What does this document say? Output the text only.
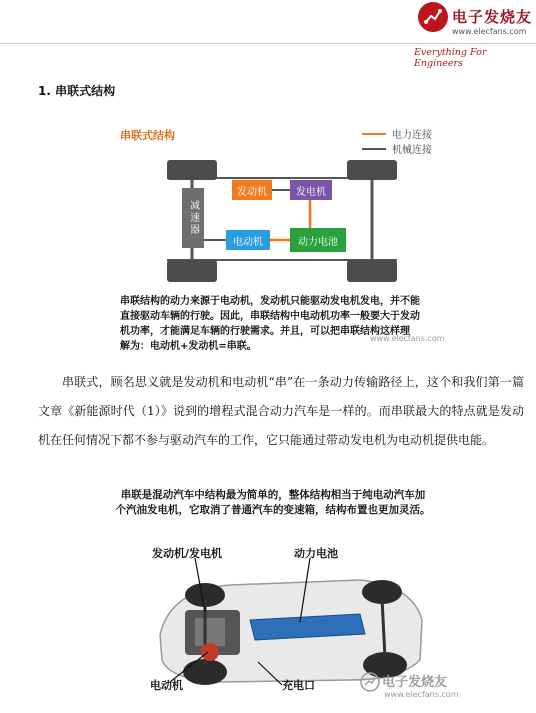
电子发烧友
www.elecfans.com
Everything For Engineers
1. 串联式结构
串联式结构	电力连接
机械连接
减速器
发动机	发电机
电动机	动力电池
串联结构的动力来源于电动机，发动机只能驱动发电机发电，并不能
直接驱动车辆的行驶。因此，串联结构中电动机功率一般要大于发动
机功率，才能满足车辆的行驶需求。并且，可以把串联结构这样理
解为：电动机+发动机=串联。
www.elecfans.com
串联式，顾名思义就是发动机和电动机“串”在一条动力传输路径上，这个和我们第一篇文章《新能源时代（1）》说到的增程式混合动力汽车是一样的。而串联最大的特点就是发动机在任何情况下都不参与驱动汽车的工作，它只能通过带动发电机为电动机提供电能。
串联是混动汽车中结构最为简单的，整体结构相当于纯电动汽车加
个汽油发电机，它取消了普通汽车的变速箱，结构布置也更加灵活。
发动机/发电机	动力电池
电动机	充电口	电子发烧友
www.elecfans.com
